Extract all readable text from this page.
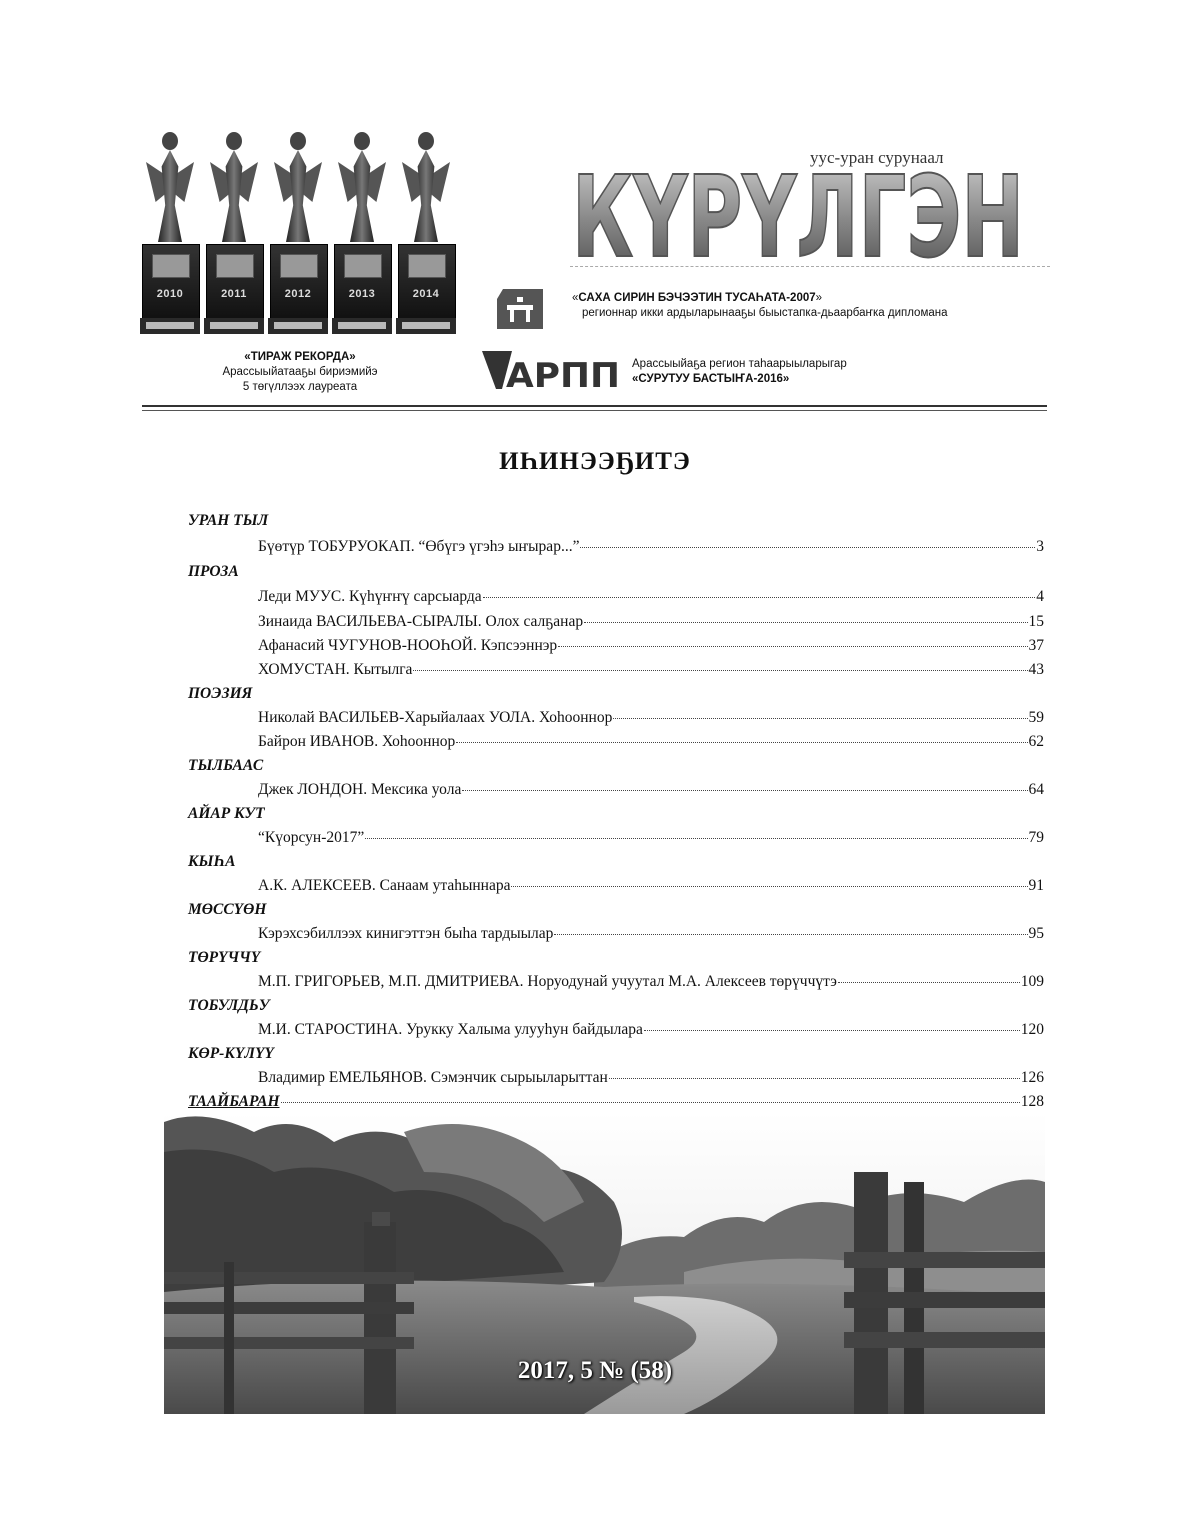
2010	2011	2012	2013	2014
«ТИРАЖ РЕКОРДА»
Арассыыйатааҕы бириэмийэ
5 төгүллээх лауреата
уус-уран сурунаал
КҮРҮЛГЭН
«САХА СИРИН БЭЧЭЭТИН ТУСАҺАТА-2007»
регионнар икки ардыларынааҕы быыстапка-дьаарбаҥка дипломана
АРПП Арассыыйаҕа регион таһаарыыларыгар
«СУРУТУУ БАСТЫҤА-2016»
ИҺИНЭЭҔИТЭ
УРАН ТЫЛ
Бүөтүр ТОБУРУОКАП. “Өбүгэ үгэһэ ыҥырар...”	3
ПРОЗА
Леди МУУС. Күһүҥҥү сарсыарда	4
Зинаида ВАСИЛЬЕВА-СЫРАЛЫ. Олох салҕанар	15
Афанасий ЧУГУНОВ-НООҺОЙ. Кэпсээннэр	37
ХОМУСТАН. Кытылга	43
ПОЭЗИЯ
Николай ВАСИЛЬЕВ-Харыйалаах УОЛА. Хоһооннор	59
Байрон ИВАНОВ. Хоһооннор	62
ТЫЛБААС
Джек ЛОНДОН. Мексика уола	64
АЙАР КУТ
“Күорсун-2017”	79
КЫҺА
А.К. АЛЕКСЕЕВ. Санаам утаһыннара	91
МӨССҮӨН
Кэрэхсэбиллээх кинигэттэн быһа тардыылар	95
ТӨРҮЧЧҮ
М.П. ГРИГОРЬЕВ, М.П. ДМИТРИЕВА. Норуодунай учуутал М.А. Алексеев төрүччүтэ	109
ТОБУЛДЬУ
М.И. СТАРОСТИНА. Урукку Халыма улууһун байдылара	120
КӨР-КҮЛҮҮ
Владимир ЕМЕЛЬЯНОВ. Сэмэнчик сырыыларыттан	126
ТААЙБАРАН	128
2017, 5 № (58)
